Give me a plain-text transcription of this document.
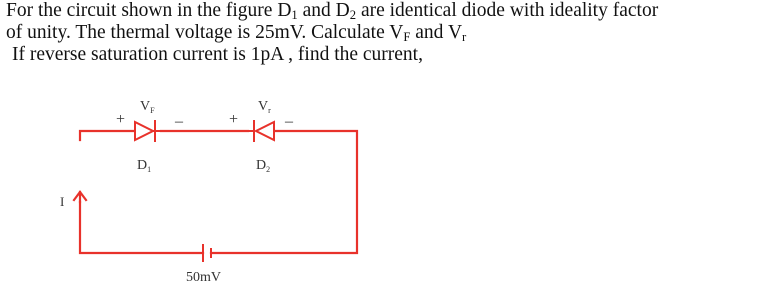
For the circuit shown in the figure $D_1$ and $D_2$ are identical diode with ideality factor
of unity. The thermal voltage is 25mV. Calculate $V_F$ and $V_r$
If reverse saturation current is 1pA , find the current,
$V_F$
+	–
$D_1$
$V_r$
+	–
$D_2$
I
50mV
